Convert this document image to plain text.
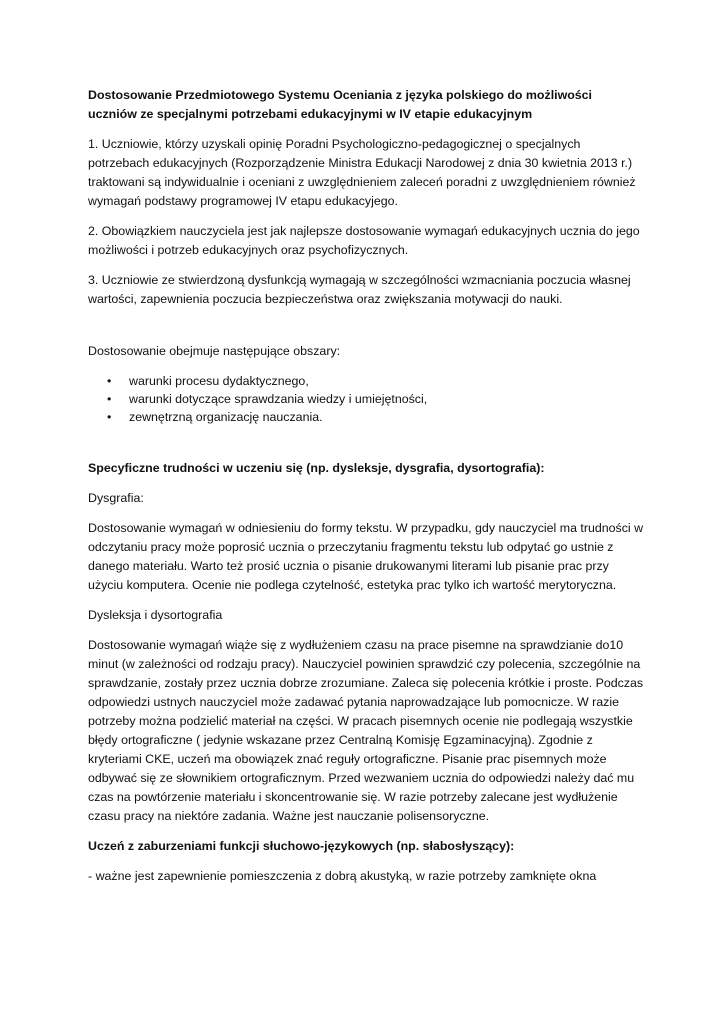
Dostosowanie Przedmiotowego Systemu Oceniania z języka polskiego do możliwości uczniów ze specjalnymi potrzebami edukacyjnymi w IV etapie edukacyjnym

1. Uczniowie, którzy uzyskali opinię Poradni Psychologiczno-pedagogicznej o specjalnych potrzebach edukacyjnych (Rozporządzenie Ministra Edukacji Narodowej z dnia 30 kwietnia 2013 r.) traktowani są indywidualnie i oceniani z uwzględnieniem zaleceń poradni z uwzględnieniem również wymagań podstawy programowej IV etapu edukacyjego.

2. Obowiązkiem nauczyciela jest jak najlepsze dostosowanie wymagań edukacyjnych ucznia do jego możliwości i potrzeb edukacyjnych oraz psychofizycznych.

3. Uczniowie ze stwierdzoną dysfunkcją wymagają w szczególności wzmacniania poczucia własnej wartości, zapewnienia poczucia bezpieczeństwa oraz zwiększania motywacji do nauki.

Dostosowanie obejmuje następujące obszary:

• warunki procesu dydaktycznego,
• warunki dotyczące sprawdzania wiedzy i umiejętności,
• zewnętrzną organizację nauczania.

Specyficzne trudności w uczeniu się (np. dysleksje, dysgrafia, dysortografia):

Dysgrafia:

Dostosowanie wymagań w odniesieniu do formy tekstu. W przypadku, gdy nauczyciel ma trudności w odczytaniu pracy może poprosić ucznia o przeczytaniu fragmentu tekstu lub odpytać go ustnie z danego materiału. Warto też prosić ucznia o pisanie drukowanymi literami lub pisanie prac przy użyciu komputera. Ocenie nie podlega czytelność, estetyka prac tylko ich wartość merytoryczna.

Dysleksja i dysortografia

Dostosowanie wymagań wiąże się z wydłużeniem czasu na prace pisemne na sprawdzianie do10 minut (w zależności od rodzaju pracy). Nauczyciel powinien sprawdzić czy polecenia, szczególnie na sprawdzanie, zostały przez ucznia dobrze zrozumiane. Zaleca się polecenia krótkie i proste. Podczas odpowiedzi ustnych nauczyciel może zadawać pytania naprowadzające lub pomocnicze. W razie potrzeby można podzielić materiał na części. W pracach pisemnych ocenie nie podlegają wszystkie błędy ortograficzne ( jedynie wskazane przez Centralną Komisję Egzaminacyjną). Zgodnie z kryteriami CKE, uczeń ma obowiązek znać reguły ortograficzne. Pisanie prac pisemnych może odbywać się ze słownikiem ortograficznym. Przed wezwaniem ucznia do odpowiedzi należy dać mu czas na powtórzenie materiału i skoncentrowanie się. W razie potrzeby zalecane jest wydłużenie czasu pracy na niektóre zadania. Ważne jest nauczanie polisensoryczne.

Uczeń z zaburzeniami funkcji słuchowo-językowych (np. słabosłyszący):

- ważne jest zapewnienie pomieszczenia z dobrą akustyką, w razie potrzeby zamknięte okna
